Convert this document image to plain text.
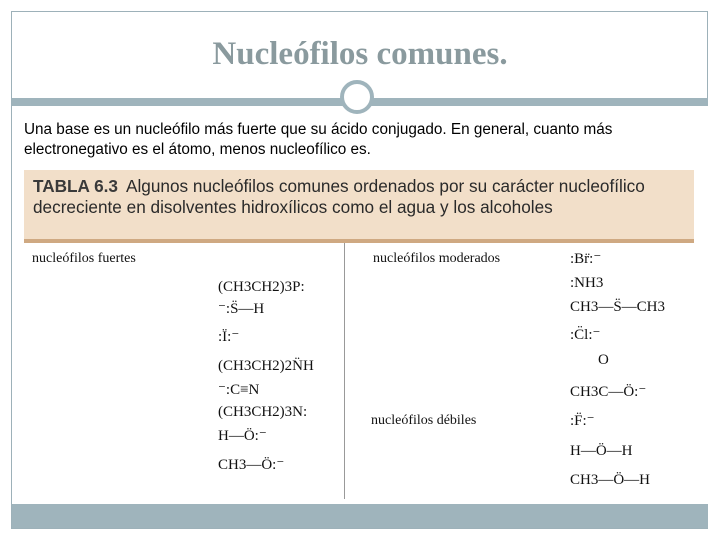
Nucleófilos comunes.
Una base es un nucleófilo más fuerte que su ácido conjugado. En general, cuanto más electronegativo es el átomo, menos nucleofílico es.
TABLA 6.3 Algunos nucleófilos comunes ordenados por su carácter nucleofílico decreciente en disolventes hidroxílicos como el agua y los alcoholes
nucleófilos fuertes	nucleófilos moderados
nucleófilos débiles
(CH3CH2)3P:
⁻:S̈—H
:Ï:⁻
(CH3CH2)2N̈H
⁻:C≡N
(CH3CH2)3N:
H—Ö:⁻
CH3—Ö:⁻
:Br̈:⁻
:NH3
CH3—S̈—CH3
:C̈l:⁻
O
CH3C—Ö:⁻
:F̈:⁻
H—Ö—H
CH3—Ö—H
